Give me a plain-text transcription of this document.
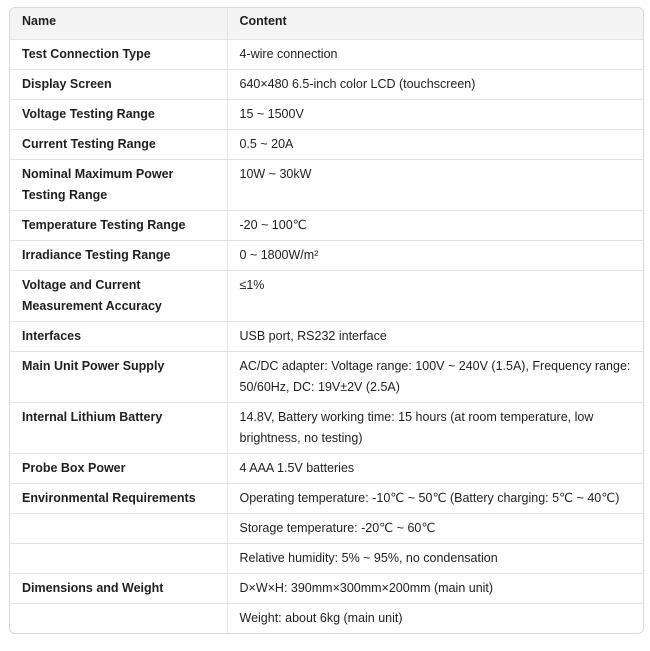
Name	Content
Test Connection Type	4-wire connection
Display Screen	640×480 6.5-inch color LCD (touchscreen)
Voltage Testing Range	15 ~ 1500V
Current Testing Range	0.5 ~ 20A
Nominal Maximum Power Testing Range	10W ~ 30kW
Temperature Testing Range	-20 ~ 100℃
Irradiance Testing Range	0 ~ 1800W/m²
Voltage and Current Measurement Accuracy	≤1%
Interfaces	USB port, RS232 interface
Main Unit Power Supply	AC/DC adapter: Voltage range: 100V ~ 240V (1.5A), Frequency range: 50/60Hz, DC: 19V±2V (2.5A)
Internal Lithium Battery	14.8V, Battery working time: 15 hours (at room temperature, low brightness, no testing)
Probe Box Power	4 AAA 1.5V batteries
Environmental Requirements	Operating temperature: -10℃ ~ 50℃ (Battery charging: 5℃ ~ 40℃)
	Storage temperature: -20℃ ~ 60℃
	Relative humidity: 5% ~ 95%, no condensation
Dimensions and Weight	D×W×H: 390mm×300mm×200mm (main unit)
	Weight: about 6kg (main unit)
